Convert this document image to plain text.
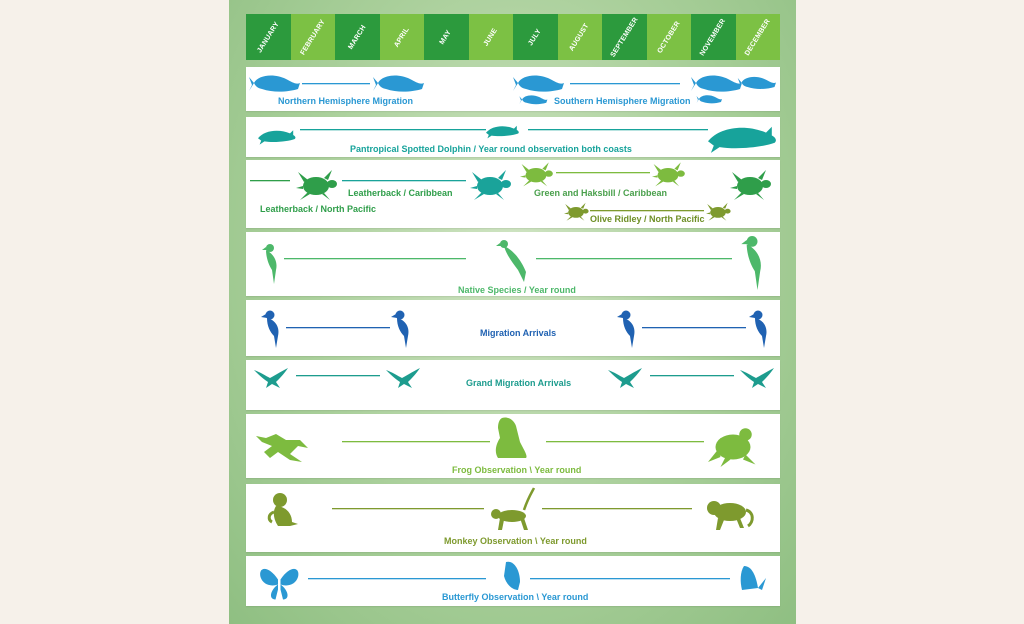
JANUARY	FEBRUARY	MARCH	APRIL	MAY	JUNE	JULY	AUGUST	SEPTEMBER OCTOBER	NOVEMBER DECEMBER
Northern Hemisphere Migration	Southern Hemisphere Migration
Pantropical Spotted Dolphin / Year round observation both coasts
Leatherback / Caribbean	Green and Haksbill / Caribbean
Leatherback / North Pacific
Olive Ridley / North Pacific
Native Species / Year round
Migration Arrivals
Grand Migration Arrivals
Frog Observation \ Year round
Monkey Observation \ Year round
Butterfly Observation \ Year round
